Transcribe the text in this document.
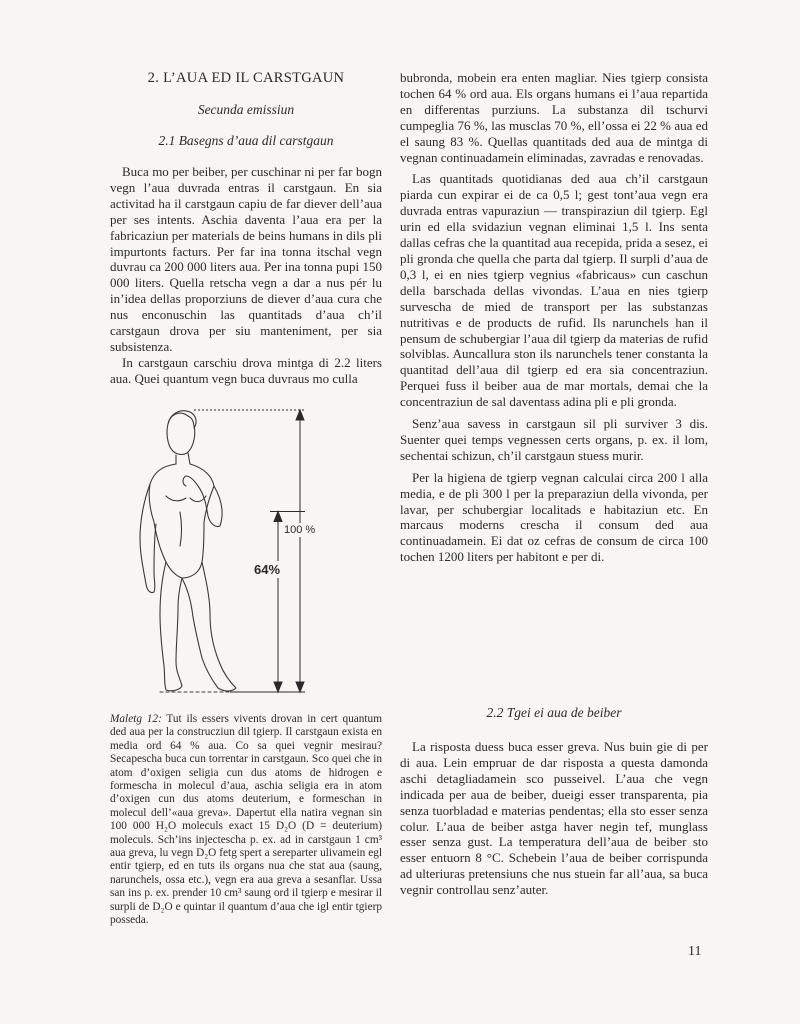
2. L’AUA ED IL CARSTGAUN
Secunda emissiun
2.1 Basegns d’aua dil carstgaun

Buca mo per beiber, per cuschinar ni per far bogn vegn l’aua duvrada entras il carstgaun. En sia activitad ha il carstgaun capiu de far diever dell’aua per ses intents. Aschia daventa l’aua era per la fabricaziun per materials de beins humans in dils pli impurtonts facturs. Per far ina tonna itschal vegn duvrau ca 200 000 liters aua. Per ina tonna pupi 150 000 liters. Quella retscha vegn a dar a nus pér lu in’idea dellas proporziuns de diever d’aua cura che nus enconuschin las quantitads d’aua ch’il carstgaun drova per siu manteniment, per sia subsistenza.

In carstgaun carschiu drova mintga di 2.2 liters aua. Quei quantum vegn buca duvraus mo culla

bubronda, mobein era enten magliar. Nies tgierp consista tochen 64 % ord aua. Els organs humans ei l’aua repartida en differentas purziuns. La substanza dil tschurvi cumpeglia 76 %, las musclas 70 %, ell’ossa ei 22 % aua ed el saung 83 %. Quellas quantitads ded aua de mintga di vegnan continuadamein eliminadas, zavradas e renovadas.

Las quantitads quotidianas ded aua ch’il carstgaun piarda cun expirar ei de ca 0,5 l; gest tont’aua vegn era duvrada entras vapuraziun — transpiraziun dil tgierp. Egl urin ed ella svidaziun vegnan eliminai 1,5 l. Ins senta dallas cefras che la quantitad aua recepida, prida a sesez, ei pli gronda che quella che parta dal tgierp. Il surpli d’aua de 0,3 l, ei en nies tgierp vegnius «fabricaus» cun caschun della barschada dellas vivondas. L’aua en nies tgierp survescha de mied de transport per las substanzas nutritivas e de products de rufid. Ils narunchels han il pensum de schubergiar l’aua dil tgierp da materias de rufid solviblas. Auncallura ston ils narunchels tener constanta la quantitad dell’aua dil tgierp ed era sia concentraziun. Perquei fuss il beiber aua de mar mortals, demai che la concentraziun de sal daventass adina pli e pli gronda.

Senz’aua savess in carstgaun sil pli surviver 3 dis. Suenter quei temps vegnessen certs organs, p. ex. il lom, sechentai schizun, ch’il carstgaun stuess murir.

Per la higiena de tgierp vegnan calculai circa 200 l alla media, e de pli 300 l per la preparaziun della vivonda, per lavar, per schubergiar localitads e habitaziun etc. En marcaus moderns crescha il consum ded aua continuadamein. Ei dat oz cefras de consum de circa 100 tochen 1200 liters per habitont e per di.

100 %
64%

Maletg 12: Tut ils essers vivents drovan in cert quantum ded aua per la construcziun dil tgierp. Il carstgaun exista en media ord 64 % aua. Co sa quei vegnir mesirau? Secapescha buca cun torrentar in carstgaun. Sco quei che in atom d’oxigen seligia cun dus atoms de hidrogen e formescha in molecul d’aua, aschia seligia era in atom d’oxigen cun dus atoms deuterium, e formeschan in molecul dell’«aua greva». Dapertut ella natira vegnan sin 100 000 H₂O moleculs exact 15 D₂O (D = deuterium) moleculs. Sch’ins injectescha p. ex. ad in carstgaun 1 cm³ aua greva, lu vegn D₂O fetg spert a sereparter ulivamein egl entir tgierp, ed en tuts ils organs nua che stat aua (saung, narunchels, ossa etc.), vegn era aua greva a sesanflar. Ussa san ins p. ex. prender 10 cm³ saung ord il tgierp e mesirar il surpli de D₂O e quintar il quantum d’aua che igl entir tgierp posseda.

2.2 Tgei ei aua de beiber

La risposta duess buca esser greva. Nus buin gie di per di aua. Lein empruar de dar risposta a questa damonda aschi detagliadamein sco pusseivel. L’aua che vegn indicada per aua de beiber, dueigi esser transparenta, pia senza tuorbladad e materias pendentas; ella sto esser senza colur. L’aua de beiber astga haver negin tef, munglass esser senza gust. La temperatura dell’aua de beiber sto esser entuorn 8 °C. Schebein l’aua de beiber corrispunda ad ulteriuras pretensiuns che nus stuein far all’aua, sa buca vegnir controllau senz’auter.

11
